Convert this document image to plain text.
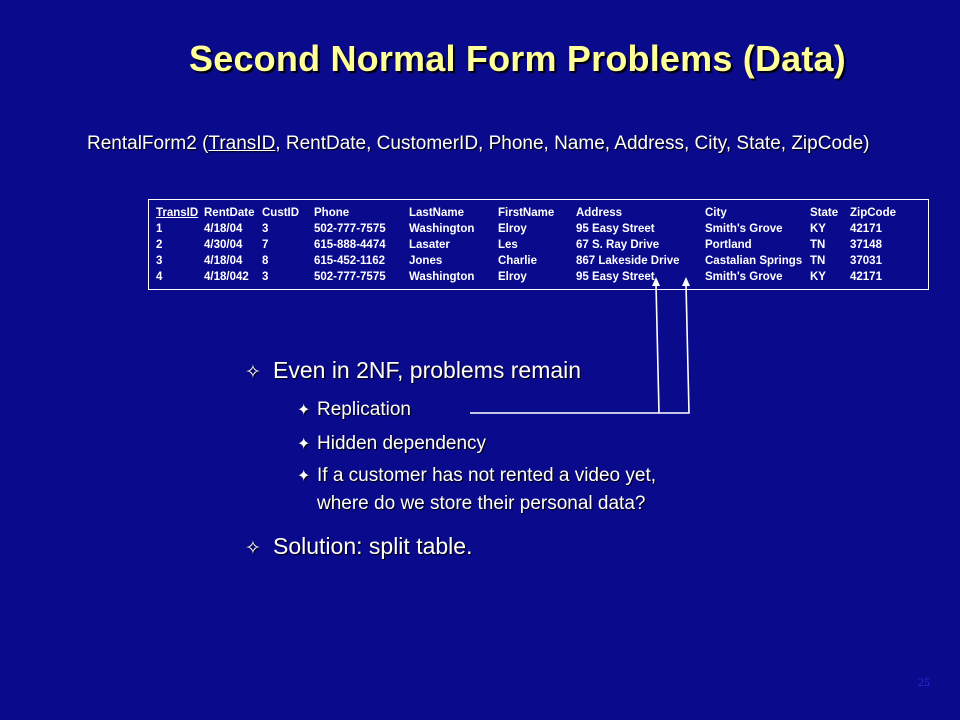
Second Normal Form Problems (Data)
RentalForm2 (TransID, RentDate, CustomerID, Phone, Name, Address, City, State, ZipCode)
TransID	RentDate	CustID	Phone	LastName	FirstName	Address	City	State	ZipCode
1	4/18/04	3	502-777-7575	Washington	Elroy	95 Easy Street	Smith's Grove	KY	42171
2	4/30/04	7	615-888-4474	Lasater	Les	67 S. Ray Drive	Portland	TN	37148
3	4/18/04	8	615-452-1162	Jones	Charlie	867 Lakeside Drive	Castalian Springs	TN	37031
4	4/18/042	3	502-777-7575	Washington	Elroy	95 Easy Street	Smith's Grove	KY	42171
✧ Even in 2NF, problems remain
✦ Replication
✦ Hidden dependency
✦ If a customer has not rented a video yet,
where do we store their personal data?
✧ Solution: split table.
25
